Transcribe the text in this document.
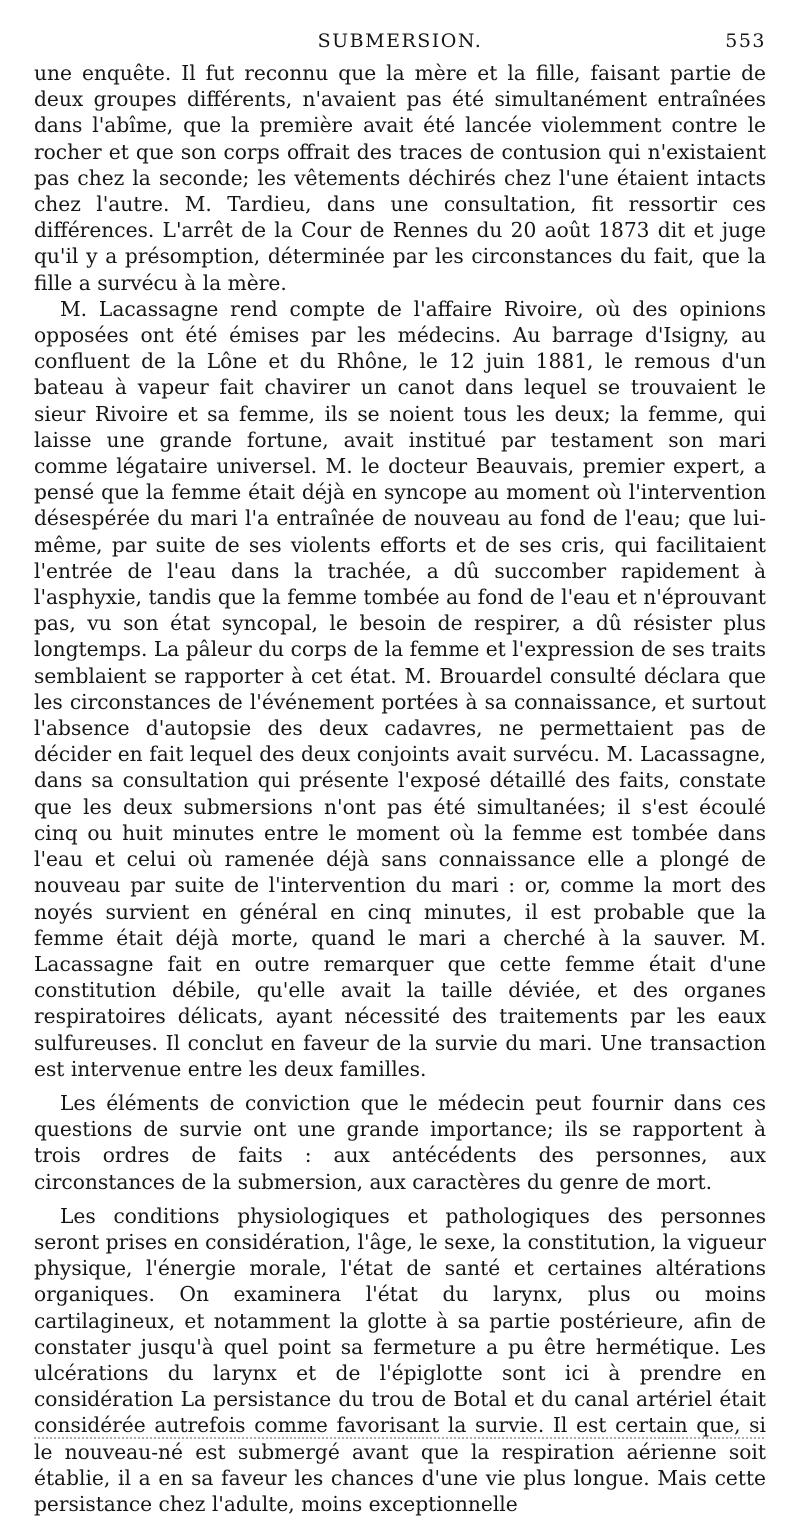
SUBMERSION.	553

une enquête. Il fut reconnu que la mère et la fille, faisant partie de deux groupes différents, n'avaient pas été simultanément entraînées dans l'abîme, que la première avait été lancée violemment contre le rocher et que son corps offrait des traces de contusion qui n'existaient pas chez la seconde; les vêtements déchirés chez l'une étaient intacts chez l'autre. M. Tardieu, dans une consultation, fit ressortir ces différences. L'arrêt de la Cour de Rennes du 20 août 1873 dit et juge qu'il y a présomption, déterminée par les circonstances du fait, que la fille a survécu à la mère.

M. Lacassagne rend compte de l'affaire Rivoire, où des opinions opposées ont été émises par les médecins. Au barrage d'Isigny, au confluent de la Lône et du Rhône, le 12 juin 1881, le remous d'un bateau à vapeur fait chavirer un canot dans lequel se trouvaient le sieur Rivoire et sa femme, ils se noient tous les deux; la femme, qui laisse une grande fortune, avait institué par testament son mari comme légataire universel. M. le docteur Beauvais, premier expert, a pensé que la femme était déjà en syncope au moment où l'intervention désespérée du mari l'a entraînée de nouveau au fond de l'eau; que lui-même, par suite de ses violents efforts et de ses cris, qui facilitaient l'entrée de l'eau dans la trachée, a dû succomber rapidement à l'asphyxie, tandis que la femme tombée au fond de l'eau et n'éprouvant pas, vu son état syncopal, le besoin de respirer, a dû résister plus longtemps. La pâleur du corps de la femme et l'expression de ses traits semblaient se rapporter à cet état. M. Brouardel consulté déclara que les circonstances de l'événement portées à sa connaissance, et surtout l'absence d'autopsie des deux cadavres, ne permettaient pas de décider en fait lequel des deux conjoints avait survécu. M. Lacassagne, dans sa consultation qui présente l'exposé détaillé des faits, constate que les deux submersions n'ont pas été simultanées; il s'est écoulé cinq ou huit minutes entre le moment où la femme est tombée dans l'eau et celui où ramenée déjà sans connaissance elle a plongé de nouveau par suite de l'intervention du mari : or, comme la mort des noyés survient en général en cinq minutes, il est probable que la femme était déjà morte, quand le mari a cherché à la sauver. M. Lacassagne fait en outre remarquer que cette femme était d'une constitution débile, qu'elle avait la taille déviée, et des organes respiratoires délicats, ayant nécessité des traitements par les eaux sulfureuses. Il conclut en faveur de la survie du mari. Une transaction est intervenue entre les deux familles.

Les éléments de conviction que le médecin peut fournir dans ces questions de survie ont une grande importance; ils se rapportent à trois ordres de faits : aux antécédents des personnes, aux circonstances de la submersion, aux caractères du genre de mort.

Les conditions physiologiques et pathologiques des personnes seront prises en considération, l'âge, le sexe, la constitution, la vigueur physique, l'énergie morale, l'état de santé et certaines altérations organiques. On examinera l'état du larynx, plus ou moins cartilagineux, et notamment la glotte à sa partie postérieure, afin de constater jusqu'à quel point sa fermeture a pu être hermétique. Les ulcérations du larynx et de l'épiglotte sont ici à prendre en considération La persistance du trou de Botal et du canal artériel était considérée autrefois comme favorisant la survie. Il est certain que, si le nouveau-né est submergé avant que la respiration aérienne soit établie, il a en sa faveur les chances d'une vie plus longue. Mais cette persistance chez l'adulte, moins exceptionnelle
